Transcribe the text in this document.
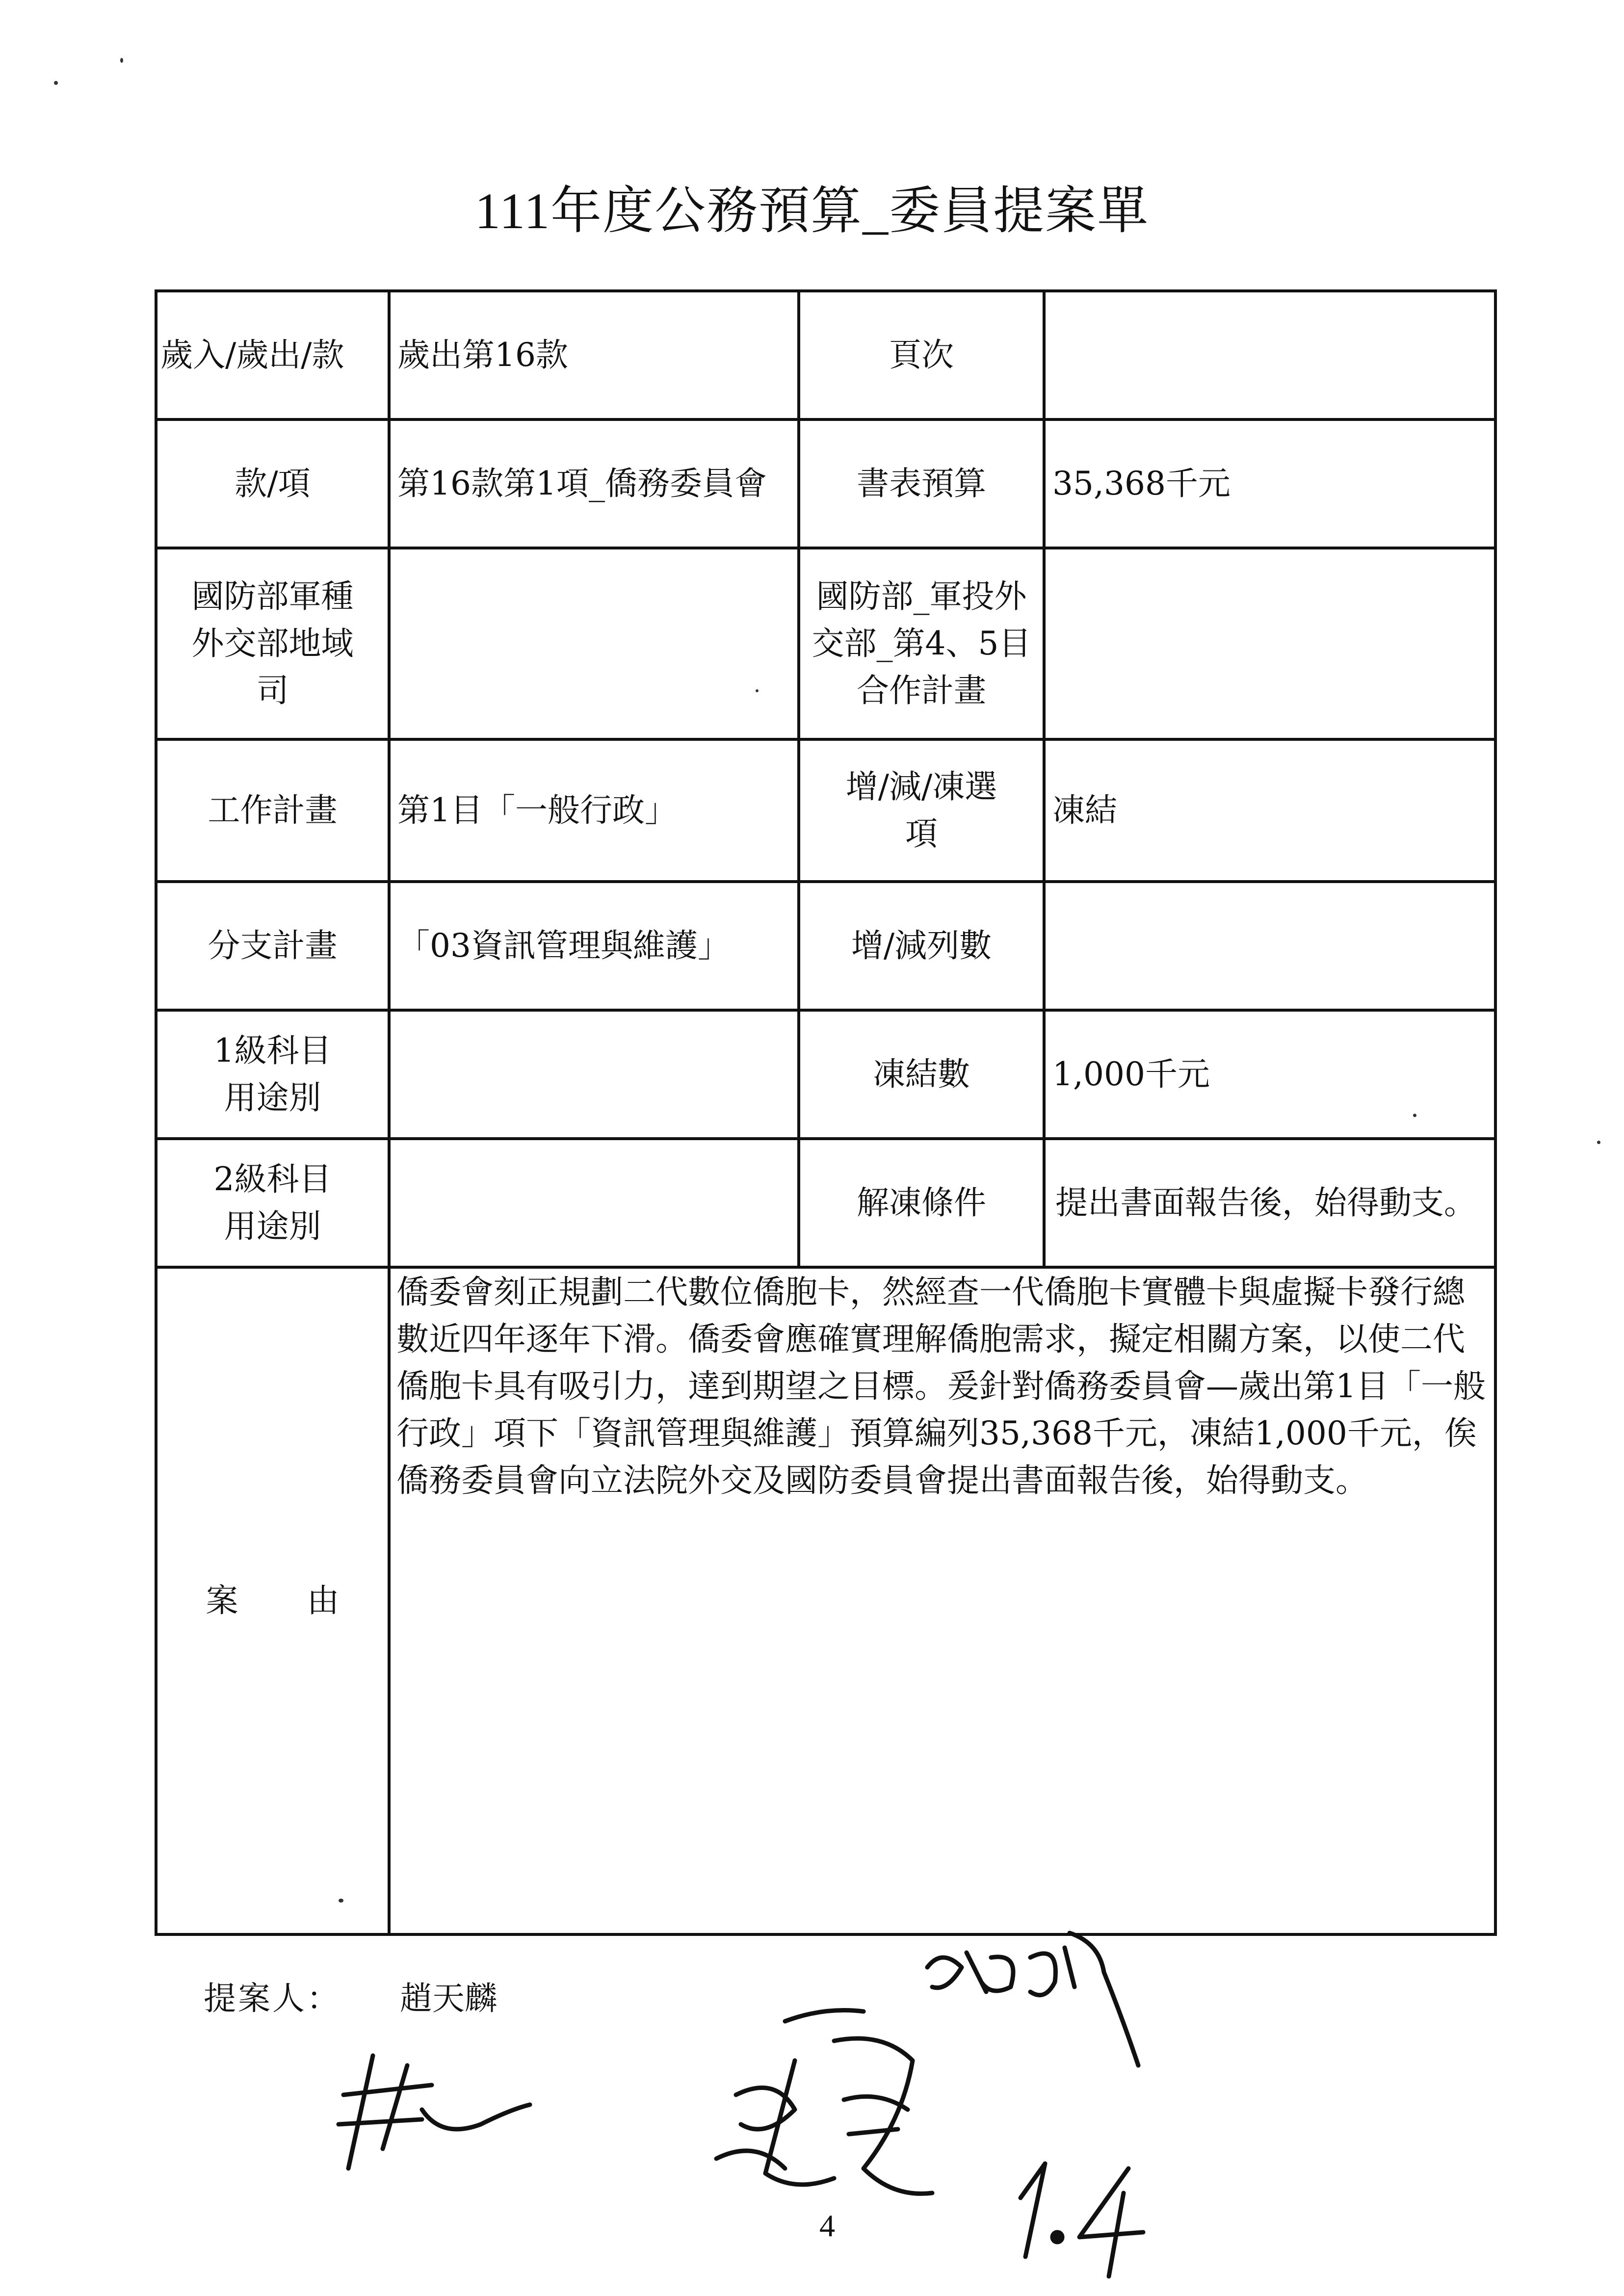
111年度公務預算_委員提案單
歲入/歲出/款	歲出第16款	頁次	
款/項	第16款第1項_僑務委員會	書表預算	35,368千元
國防部軍種外交部地域司		國防部_軍投外交部_第4、5目合作計畫	
工作計畫	第1目「一般行政」	增/減/凍選項	凍結
分支計畫	「03資訊管理與維護」	增/減列數	
1級科目用途別		凍結數	1,000千元
2級科目用途別		解凍條件	提出書面報告後，始得動支。
案 由	僑委會刻正規劃二代數位僑胞卡，然經查一代僑胞卡實體卡與虛擬卡發行總數近四年逐年下滑。僑委會應確實理解僑胞需求，擬定相關方案，以使二代僑胞卡具有吸引力，達到期望之目標。爰針對僑務委員會—歲出第1目「一般行政」項下「資訊管理與維護」預算編列35,368千元，凍結1,000千元，俟僑務委員會向立法院外交及國防委員會提出書面報告後，始得動支。		
提案人： 趙天麟
4
